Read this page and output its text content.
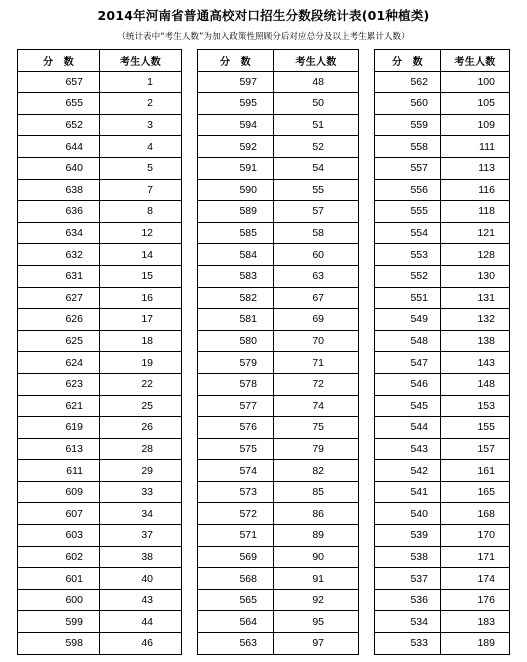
2014年河南省普通高校对口招生分数段统计表(01种植类)
（统计表中“考生人数”为加入政策性照顾分后对应总分及以上考生累计人数）
分　数	考生人数
657	1
655	2
652	3
644	4
640	5
638	7
636	8
634	12
632	14
631	15
627	16
626	17
625	18
624	19
623	22
621	25
619	26
613	28
611	29
609	33
607	34
603	37
602	38
601	40
600	43
599	44
598	46
分　数	考生人数
597	48
595	50
594	51
592	52
591	54
590	55
589	57
585	58
584	60
583	63
582	67
581	69
580	70
579	71
578	72
577	74
576	75
575	79
574	82
573	85
572	86
571	89
569	90
568	91
565	92
564	95
563	97
分　数	考生人数
562	100
560	105
559	109
558	111
557	113
556	116
555	118
554	121
553	128
552	130
551	131
549	132
548	138
547	143
546	148
545	153
544	155
543	157
542	161
541	165
540	168
539	170
538	171
537	174
536	176
534	183
533	189
